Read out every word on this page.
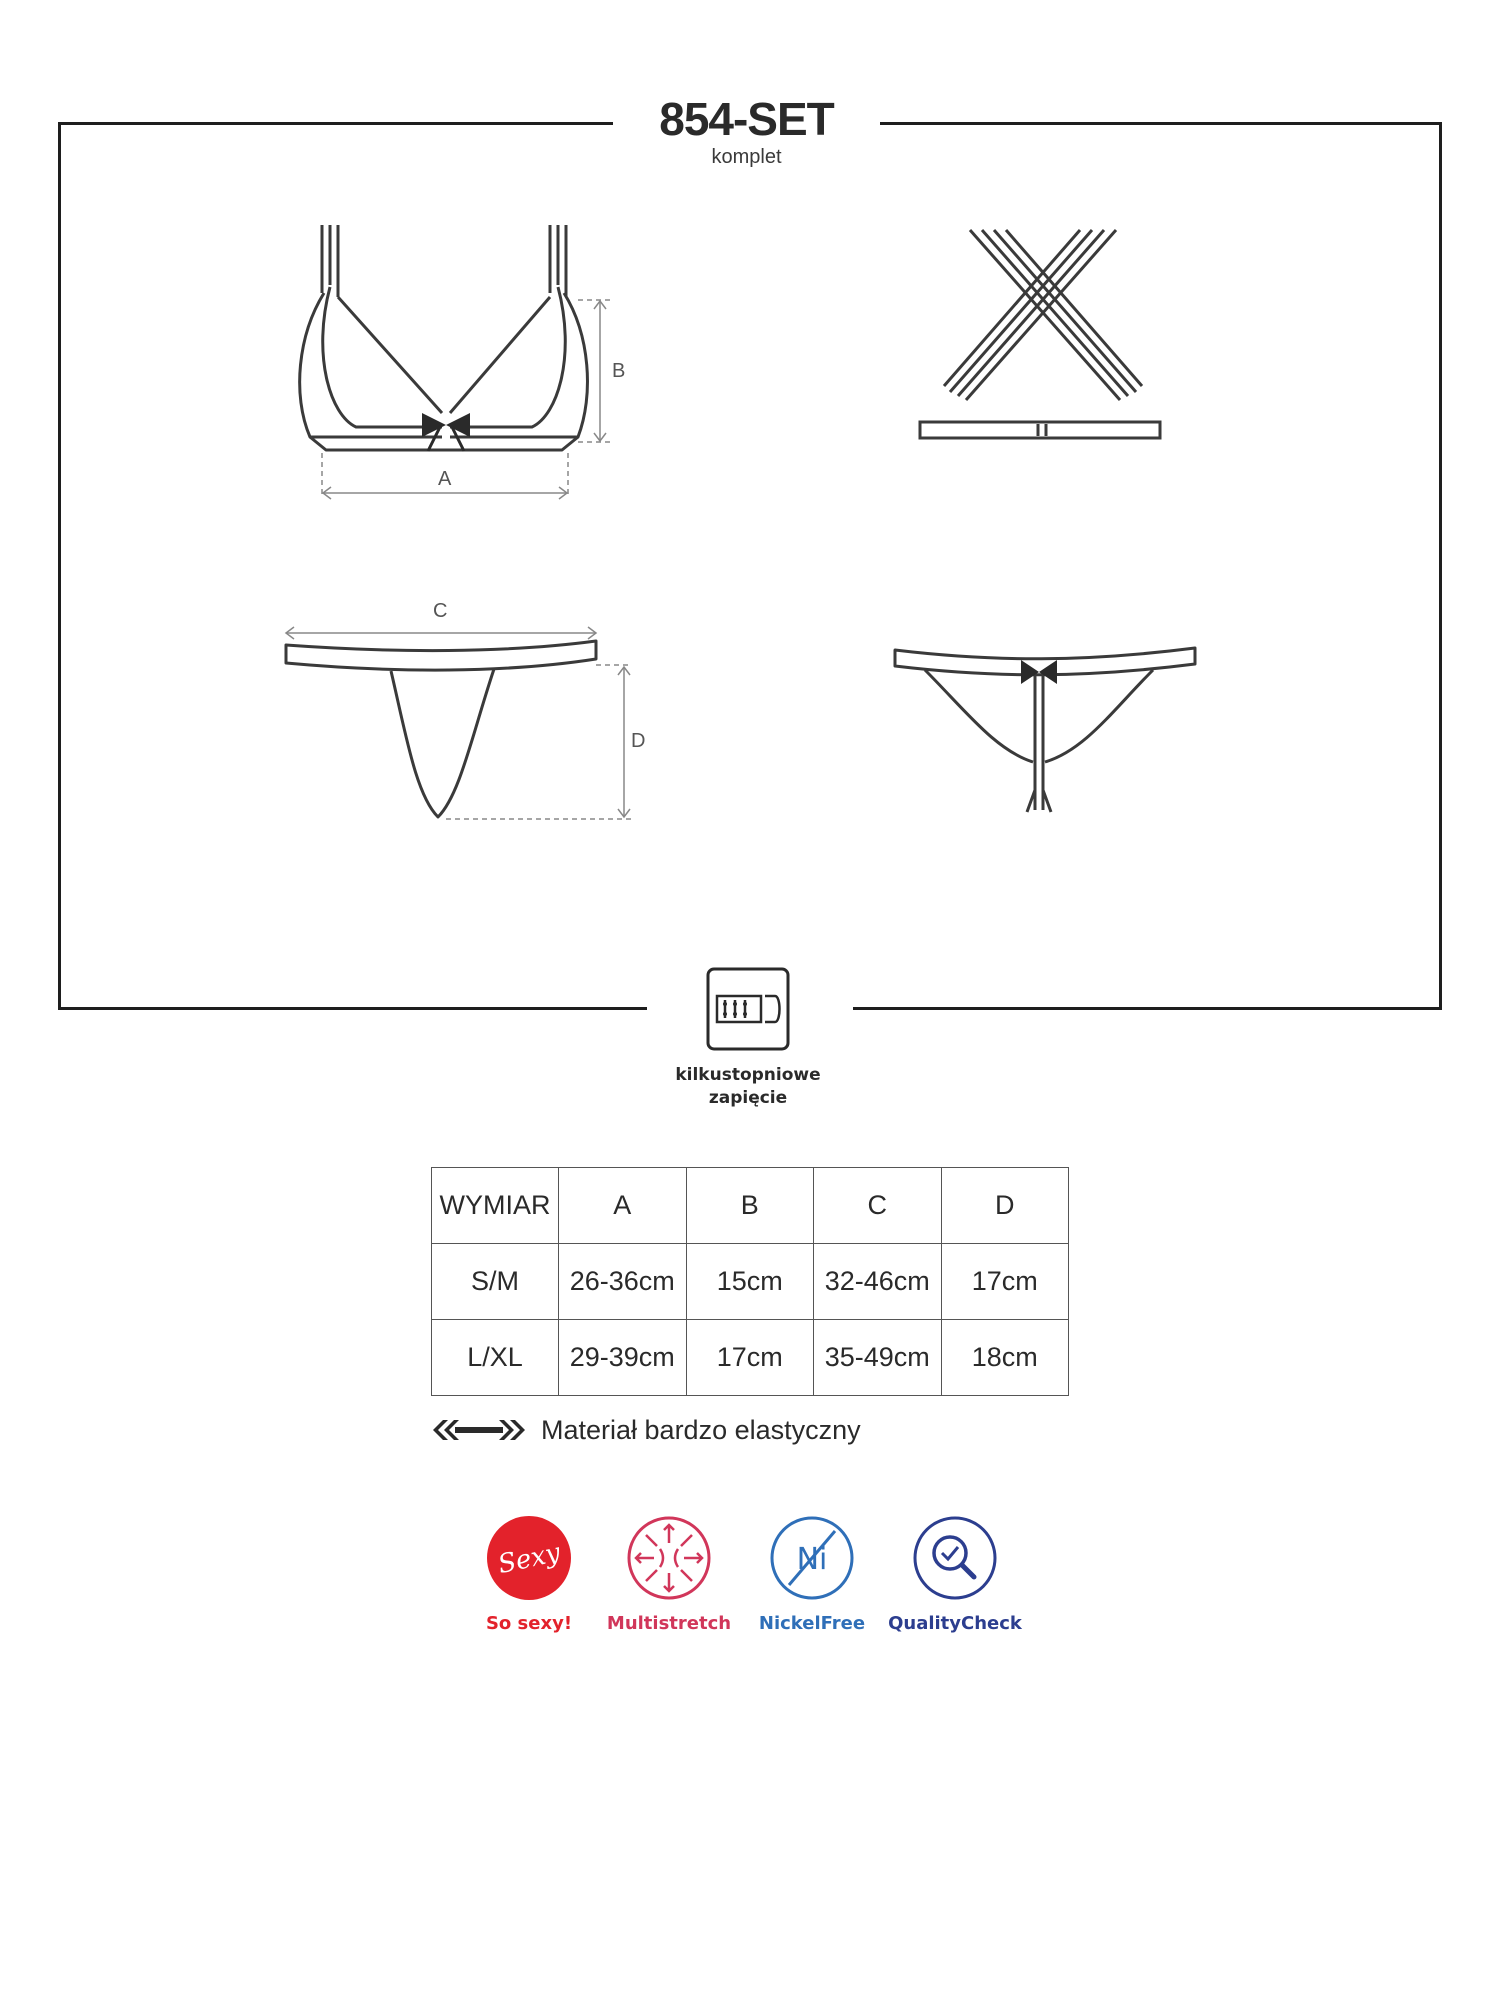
854-SET
komplet
B
A
C
D
kilkustopniowe
zapięcie
WYMIAR	A	B	C	D
S/M	26-36cm	15cm	32-46cm	17cm
L/XL	29-39cm	17cm	35-49cm	18cm
Materiał bardzo elastyczny
Sexy
So sexy!	Multistretch
Ni
NickelFree	QualityCheck
